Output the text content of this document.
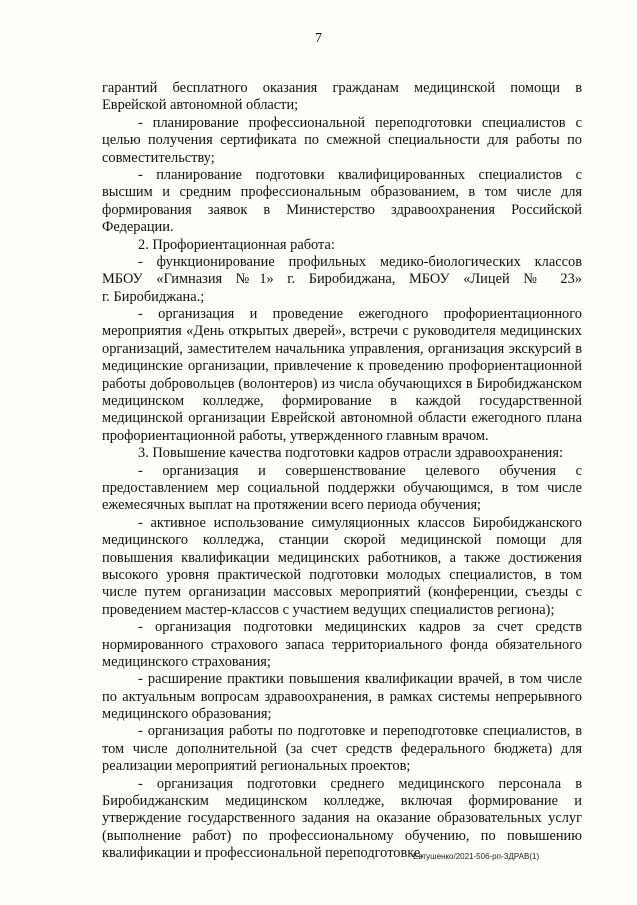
7
гарантий бесплатного оказания гражданам медицинской помощи в
Еврейской автономной области;
- планирование профессиональной переподготовки специалистов с
целью получения сертификата по смежной специальности для работы по
совместительству;
- планирование подготовки квалифицированных специалистов с
высшим и средним профессиональным образованием, в том числе для
формирования заявок в Министерство здравоохранения Российской
Федерации.
2. Профориентационная работа:
- функционирование профильных медико-биологических классов
МБОУ «Гимназия №1» г. Биробиджана, МБОУ «Лицей № 23»
г. Биробиджана.;
- организация и проведение ежегодного профориентационного
мероприятия «День открытых дверей», встречи с руководителя медицинских
организаций, заместителем начальника управления, организация экскурсий в
медицинские организации, привлечение к проведению профориентационной
работы добровольцев (волонтеров) из числа обучающихся в Биробиджанском
медицинском колледже, формирование в каждой государственной
медицинской организации Еврейской автономной области ежегодного плана
профориентационной работы, утвержденного главным врачом.
3. Повышение качества подготовки кадров отрасли здравоохранения:
- организация и совершенствование целевого обучения с
предоставлением мер социальной поддержки обучающимся, в том числе
ежемесячных выплат на протяжении всего периода обучения;
- активное использование симуляционных классов Биробиджанского
медицинского колледжа, станции скорой медицинской помощи для
повышения квалификации медицинских работников, а также достижения
высокого уровня практической подготовки молодых специалистов, в том
числе путем организации массовых мероприятий (конференции, съезды с
проведением мастер-классов с участием ведущих специалистов региона);
- организация подготовки медицинских кадров за счет средств
нормированного страхового запаса территориального фонда обязательного
медицинского страхования;
- расширение практики повышения квалификации врачей, в том числе
по актуальным вопросам здравоохранения, в рамках системы непрерывного
медицинского образования;
- организация работы по подготовке и переподготовке специалистов, в
том числе дополнительной (за счет средств федерального бюджета) для
реализации мероприятий региональных проектов;
- организация подготовки среднего медицинского персонала в
Биробиджанским медицинском колледже, включая формирование и
утверждение государственного задания на оказание образовательных услуг
(выполнение работ) по профессиональному обучению, по повышению
квалификации и профессиональной переподготовке.
Евтушенко/2021-506-рп-ЗДРАВ(1)
